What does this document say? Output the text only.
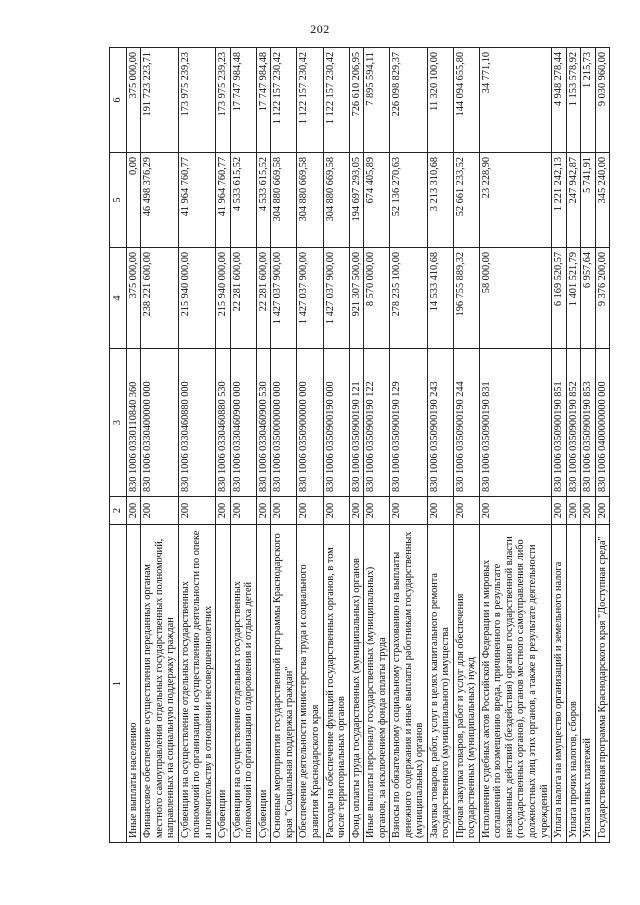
202
1	2	3	4	5	6
Иные выплаты населению	200	830 1006 0330110840 360	375 000,00	0,00	375 000,00
Финансовое обеспечение осуществления переданных органам местного самоуправления отдельных государственных полномочий, направленных на социальную поддержку граждан	200	830 1006 0330400000 000	238 221 600,00	46 498 376,29	191 723 223,71
Субвенции на осуществление отдельных государственных полномочий по организации и осуществлению деятельности по опеке и попечительству в отношении несовершеннолетних	200	830 1006 0330460880 000	215 940 000,00	41 964 760,77	173 975 239,23
Субвенции	200	830 1006 0330460880 530	215 940 000,00	41 964 760,77	173 975 239,23
Субвенции на осуществление отдельных государственных полномочий по организации оздоровления и отдыха детей	200	830 1006 0330460900 000	22 281 600,00	4 533 615,52	17 747 984,48
Субвенции	200	830 1006 0330460900 530	22 281 600,00	4 533 615,52	17 747 984,48
Основные мероприятия государственной программы Краснодарского края "Социальная поддержка граждан"	200	830 1006 0350000000 000	1 427 037 900,00	304 880 669,58	1 122 157 230,42
Обеспечение деятельности министерства труда и социального развития Краснодарского края	200	830 1006 0350900000 000	1 427 037 900,00	304 880 669,58	1 122 157 230,42
Расходы на обеспечение функций государственных органов, в том числе территориальных органов	200	830 1006 0350900190 000	1 427 037 900,00	304 880 669,58	1 122 157 230,42
Фонд оплаты труда государственных (муниципальных) органов	200	830 1006 0350900190 121	921 307 500,00	194 697 293,05	726 610 206,95
Иные выплаты персоналу государственных (муниципальных) органов, за исключением фонда оплаты труда	200	830 1006 0350900190 122	8 570 000,00	674 405,89	7 895 594,11
Взносы по обязательному социальному страхованию на выплаты денежного содержания и иные выплаты работникам государственных (муниципальных) органов	200	830 1006 0350900190 129	278 235 100,00	52 136 270,63	226 098 829,37
Закупка товаров, работ, услуг в целях капитального ремонта государственного (муниципального) имущества	200	830 1006 0350900190 243	14 533 410,68	3 213 310,68	11 320 100,00
Прочая закупка товаров, работ и услуг для обеспечения государственных (муниципальных) нужд	200	830 1006 0350900190 244	196 755 889,32	52 661 233,52	144 094 655,80
Исполнение судебных актов Российской Федерации и мировых соглашений по возмещению вреда, причиненного в результате незаконных действий (бездействия) органов государственной власти (государственных органов), органов местного самоуправления либо должностных лиц этих органов, а также в результате деятельности учреждений	200	830 1006 0350900190 831	58 000,00	23 228,90	34 771,10
Уплата налога на имущество организаций и земельного налога	200	830 1006 0350900190 851	6 169 520,57	1 221 242,13	4 948 278,44
Уплата прочих налогов, сборов	200	830 1006 0350900190 852	1 401 521,79	247 942,87	1 153 578,92
Уплата иных платежей	200	830 1006 0350900190 853	6 957,64	5 741,91	1 215,73
Государственная программа Краснодарского края "Доступная среда"	200	830 1006 0400000000 000	9 376 200,00	345 240,00	9 030 960,00
